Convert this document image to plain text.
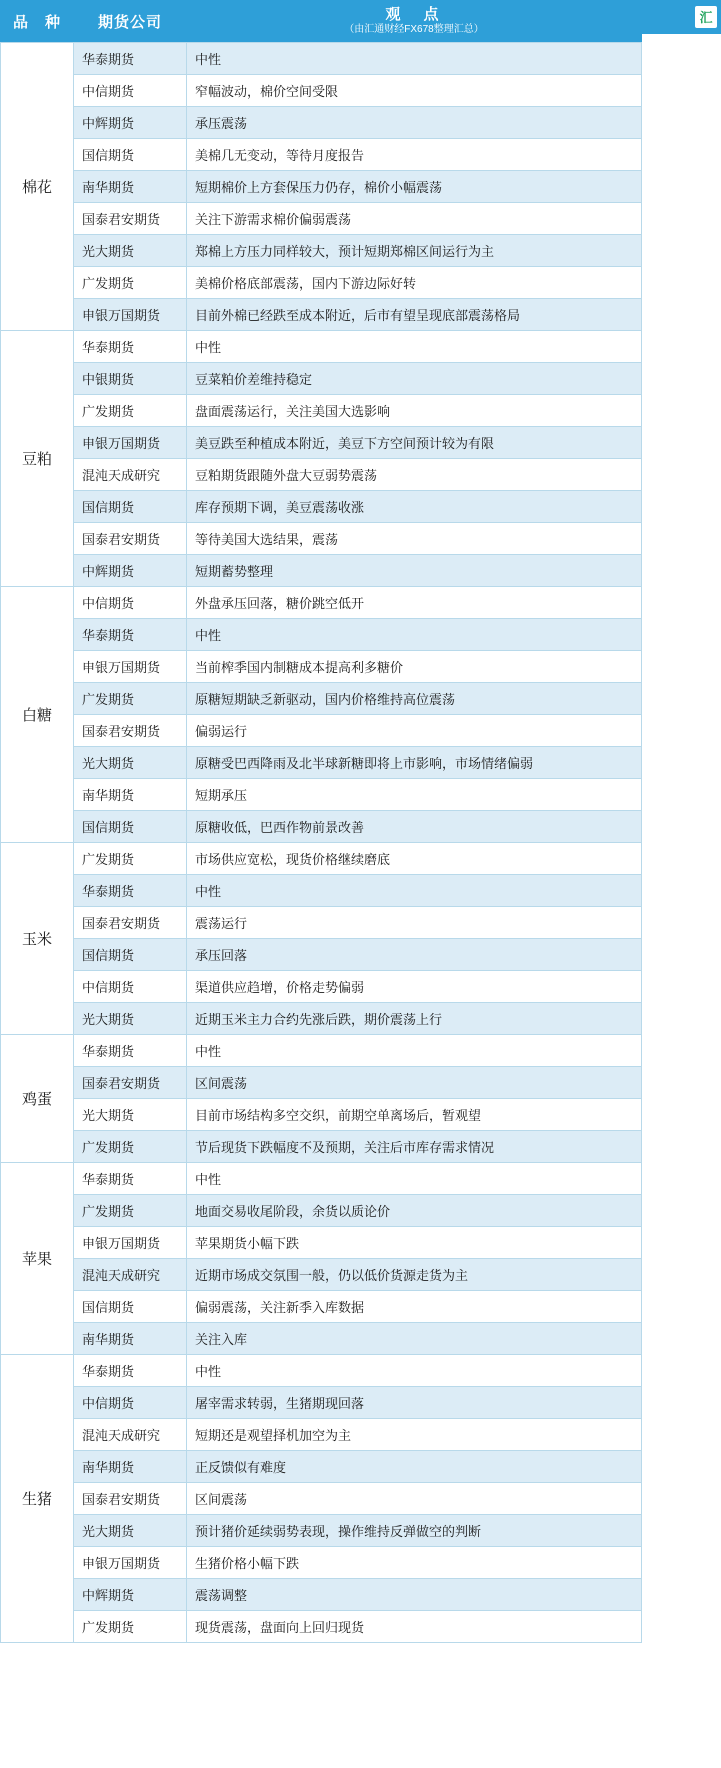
汇
品　种	期货公司	观　点
（由汇通财经FX678整理汇总）
棉花	华泰期货	中性
	中信期货	窄幅波动，棉价空间受限
	中辉期货	承压震荡
	国信期货	美棉几无变动，等待月度报告
	南华期货	短期棉价上方套保压力仍存，棉价小幅震荡
	国泰君安期货	关注下游需求棉价偏弱震荡
	光大期货	郑棉上方压力同样较大，预计短期郑棉区间运行为主
	广发期货	美棉价格底部震荡，国内下游边际好转
	申银万国期货	目前外棉已经跌至成本附近，后市有望呈现底部震荡格局
豆粕	华泰期货	中性
	中银期货	豆菜粕价差维持稳定
	广发期货	盘面震荡运行，关注美国大选影响
	申银万国期货	美豆跌至种植成本附近，美豆下方空间预计较为有限
	混沌天成研究	豆粕期货跟随外盘大豆弱势震荡
	国信期货	库存预期下调，美豆震荡收涨
	国泰君安期货	等待美国大选结果，震荡
	中辉期货	短期蓄势整理
白糖	中信期货	外盘承压回落，糖价跳空低开
	华泰期货	中性
	申银万国期货	当前榨季国内制糖成本提高利多糖价
	广发期货	原糖短期缺乏新驱动，国内价格维持高位震荡
	国泰君安期货	偏弱运行
	光大期货	原糖受巴西降雨及北半球新糖即将上市影响，市场情绪偏弱
	南华期货	短期承压
	国信期货	原糖收低，巴西作物前景改善
玉米	广发期货	市场供应宽松，现货价格继续磨底
	华泰期货	中性
	国泰君安期货	震荡运行
	国信期货	承压回落
	中信期货	渠道供应趋增，价格走势偏弱
	光大期货	近期玉米主力合约先涨后跌，期价震荡上行
鸡蛋	华泰期货	中性
	国泰君安期货	区间震荡
	光大期货	目前市场结构多空交织，前期空单离场后，暂观望
	广发期货	节后现货下跌幅度不及预期，关注后市库存需求情况
苹果	华泰期货	中性
	广发期货	地面交易收尾阶段，余货以质论价
	申银万国期货	苹果期货小幅下跌
	混沌天成研究	近期市场成交氛围一般，仍以低价货源走货为主
	国信期货	偏弱震荡，关注新季入库数据
	南华期货	关注入库
生猪	华泰期货	中性
	中信期货	屠宰需求转弱，生猪期现回落
	混沌天成研究	短期还是观望择机加空为主
	南华期货	正反馈似有难度
	国泰君安期货	区间震荡
	光大期货	预计猪价延续弱势表现，操作维持反弹做空的判断
	申银万国期货	生猪价格小幅下跌
	中辉期货	震荡调整
	广发期货	现货震荡，盘面向上回归现货
